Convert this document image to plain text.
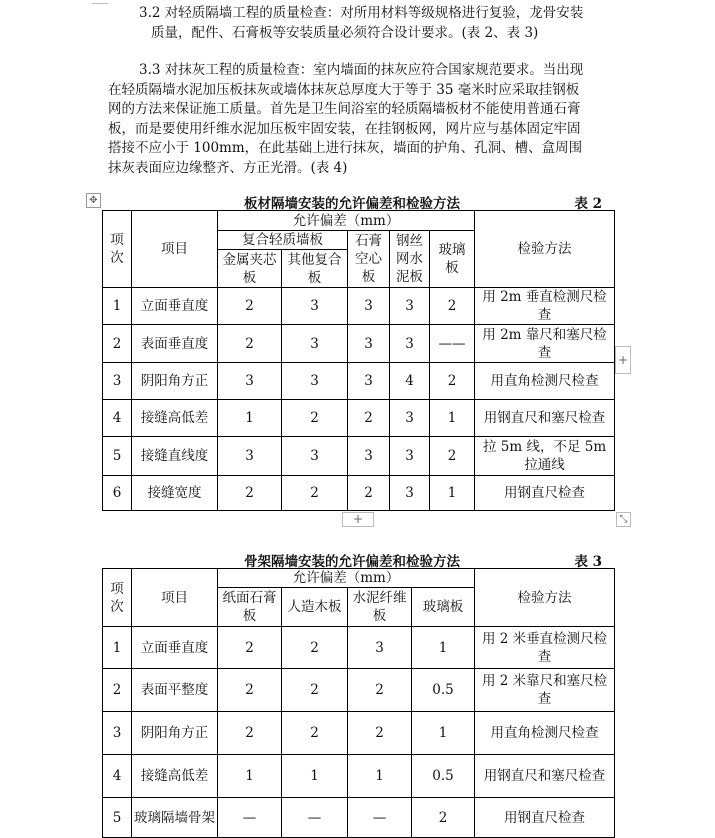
3.2 对轻质隔墙工程的质量检查：对所用材料等级规格进行复验，龙骨安装
质量，配件、石膏板等安装质量必须符合设计要求。(表 2、表 3)

3.3 对抹灰工程的质量检查：室内墙面的抹灰应符合国家规范要求。当出现
在轻质隔墙水泥加压板抹灰或墙体抹灰总厚度大于等于 35 毫米时应采取挂钢板
网的方法来保证施工质量。首先是卫生间浴室的轻质隔墙板材不能使用普通石膏
板，而是要使用纤维水泥加压板牢固安装，在挂钢板网，网片应与基体固定牢固
搭接不应小于 100mm，在此基础上进行抹灰，墙面的护角、孔洞、槽、盒周围
抹灰表面应边缘整齐、方正光滑。(表 4)

✥	板材隔墙安装的允许偏差和检验方法	表 2
项次	项目	允许偏差（mm）					检验方法
		复合轻质墙板		石膏空心板	钢丝网水泥板	玻璃板	
		金属夹芯板	其他复合板				
1	立面垂直度	2	3	3	3	2	用 2m 垂直检测尺检查
2	表面垂直度	2	3	3	3	——	用 2m 靠尺和塞尺检查
3	阴阳角方正	3	3	3	4	2	用直角检测尺检查
4	接缝高低差	1	2	2	3	1	用钢直尺和塞尺检查
5	接缝直线度	3	3	3	3	2	拉 5m 线，不足 5m 拉通线
6	接缝宽度	2	2	2	3	1	用钢直尺检查
+
+	⤡
骨架隔墙安装的允许偏差和检验方法	表 3
项次	项目	允许偏差（mm）				检验方法
		纸面石膏板	人造木板	水泥纤维板	玻璃板	
1	立面垂直度	2	2	3	1	用 2 米垂直检测尺检查
2	表面平整度	2	2	2	0.5	用 2 米靠尺和塞尺检查
3	阴阳角方正	2	2	2	1	用直角检测尺检查
4	接缝高低差	1	1	1	0.5	用钢直尺和塞尺检查
5	玻璃隔墙骨架	—	—	—	2	用钢直尺检查
